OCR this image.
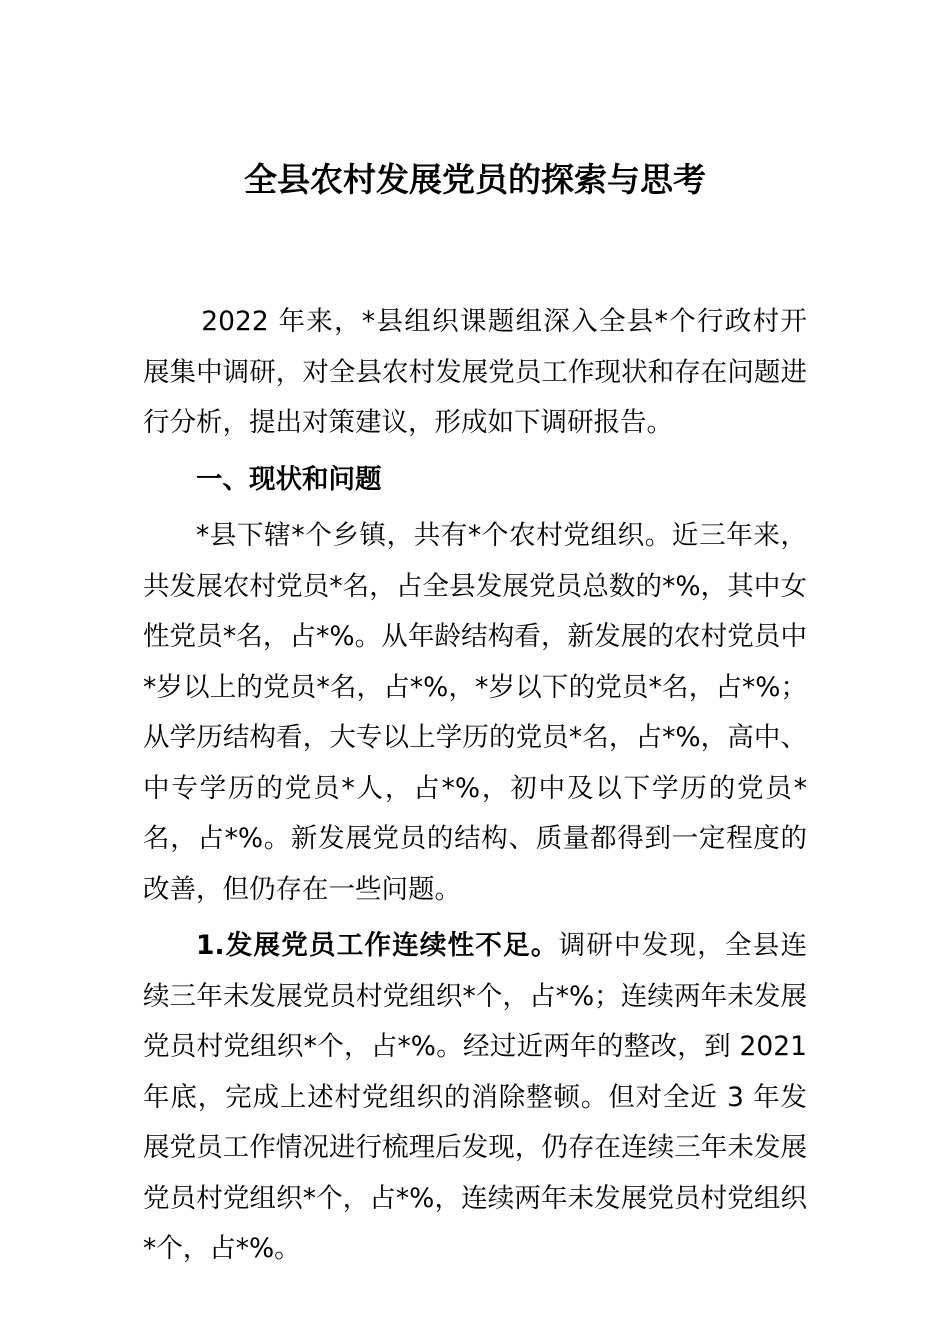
全县农村发展党员的探索与思考

2022 年来，*县组织课题组深入全县*个行政村开展集中调研，对全县农村发展党员工作现状和存在问题进行分析，提出对策建议，形成如下调研报告。

一、现状和问题

*县下辖*个乡镇，共有*个农村党组织。近三年来，共发展农村党员*名，占全县发展党员总数的*%，其中女性党员*名，占*%。从年龄结构看，新发展的农村党员中*岁以上的党员*名，占*%，*岁以下的党员*名，占*%；从学历结构看，大专以上学历的党员*名，占*%，高中、中专学历的党员*人，占*%，初中及以下学历的党员*名，占*%。新发展党员的结构、质量都得到一定程度的改善，但仍存在一些问题。

1.发展党员工作连续性不足。调研中发现，全县连续三年未发展党员村党组织*个，占*%；连续两年未发展党员村党组织*个，占*%。经过近两年的整改，到 2021 年底，完成上述村党组织的消除整顿。但对全近 3 年发展党员工作情况进行梳理后发现，仍存在连续三年未发展党员村党组织*个，占*%，连续两年未发展党员村党组织*个，占*%。
